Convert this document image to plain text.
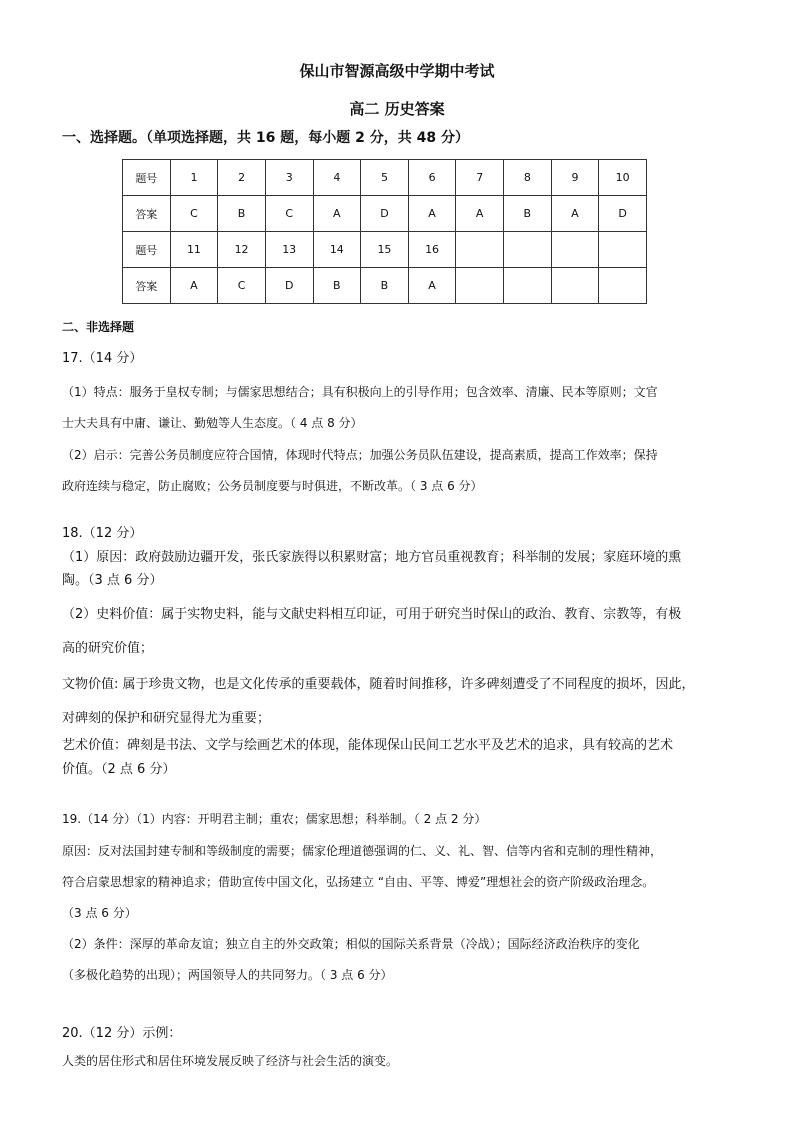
保山市智源高级中学期中考试
高二 历史答案
一、选择题。（单项选择题，共 16 题，每小题 2 分，共 48 分）
题号	1	2	3	4	5	6	7	8	9	10
答案	C	B	C	A	D	A	A	B	A	D
题号	11	12	13	14	15	16				
答案	A	C	D	B	B	A				
二、非选择题
17.（14 分）
（1）特点：服务于皇权专制；与儒家思想结合；具有积极向上的引导作用；包含效率、清廉、民本等原则；文官
士大夫具有中庸、谦让、勤勉等人生态度。（ 4 点 8 分）
（2）启示：完善公务员制度应符合国情，体现时代特点；加强公务员队伍建设，提高素质，提高工作效率；保持
政府连续与稳定，防止腐败；公务员制度要与时俱进，不断改革。（ 3 点 6 分）
18.（12 分）
（1）原因：政府鼓励边疆开发，张氏家族得以积累财富；地方官员重视教育；科举制的发展；家庭环境的熏
陶。（3 点 6 分）
（2）史料价值：属于实物史料，能与文献史料相互印证，可用于研究当时保山的政治、教育、宗教等，有极
高的研究价值；
文物价值: 属于珍贵文物，也是文化传承的重要载体，随着时间推移，许多碑刻遭受了不同程度的损坏，因此，
对碑刻的保护和研究显得尤为重要；
艺术价值：碑刻是书法、文学与绘画艺术的体现，能体现保山民间工艺水平及艺术的追求，具有较高的艺术
价值。（2 点 6 分）
19.（14 分）（1）内容：开明君主制；重农；儒家思想；科举制。（ 2 点 2 分）
原因：反对法国封建专制和等级制度的需要；儒家伦理道德强调的仁、义、礼、智、信等内省和克制的理性精神，
符合启蒙思想家的精神追求；借助宣传中国文化，弘扬建立 “自由、平等、博爱”理想社会的资产阶级政治理念。
（3 点 6 分）
（2）条件：深厚的革命友谊；独立自主的外交政策；相似的国际关系背景（冷战）；国际经济政治秩序的变化
（多极化趋势的出现）；两国领导人的共同努力。（ 3 点 6 分）
20.（12 分）示例：
人类的居住形式和居住环境发展反映了经济与社会生活的演变。
